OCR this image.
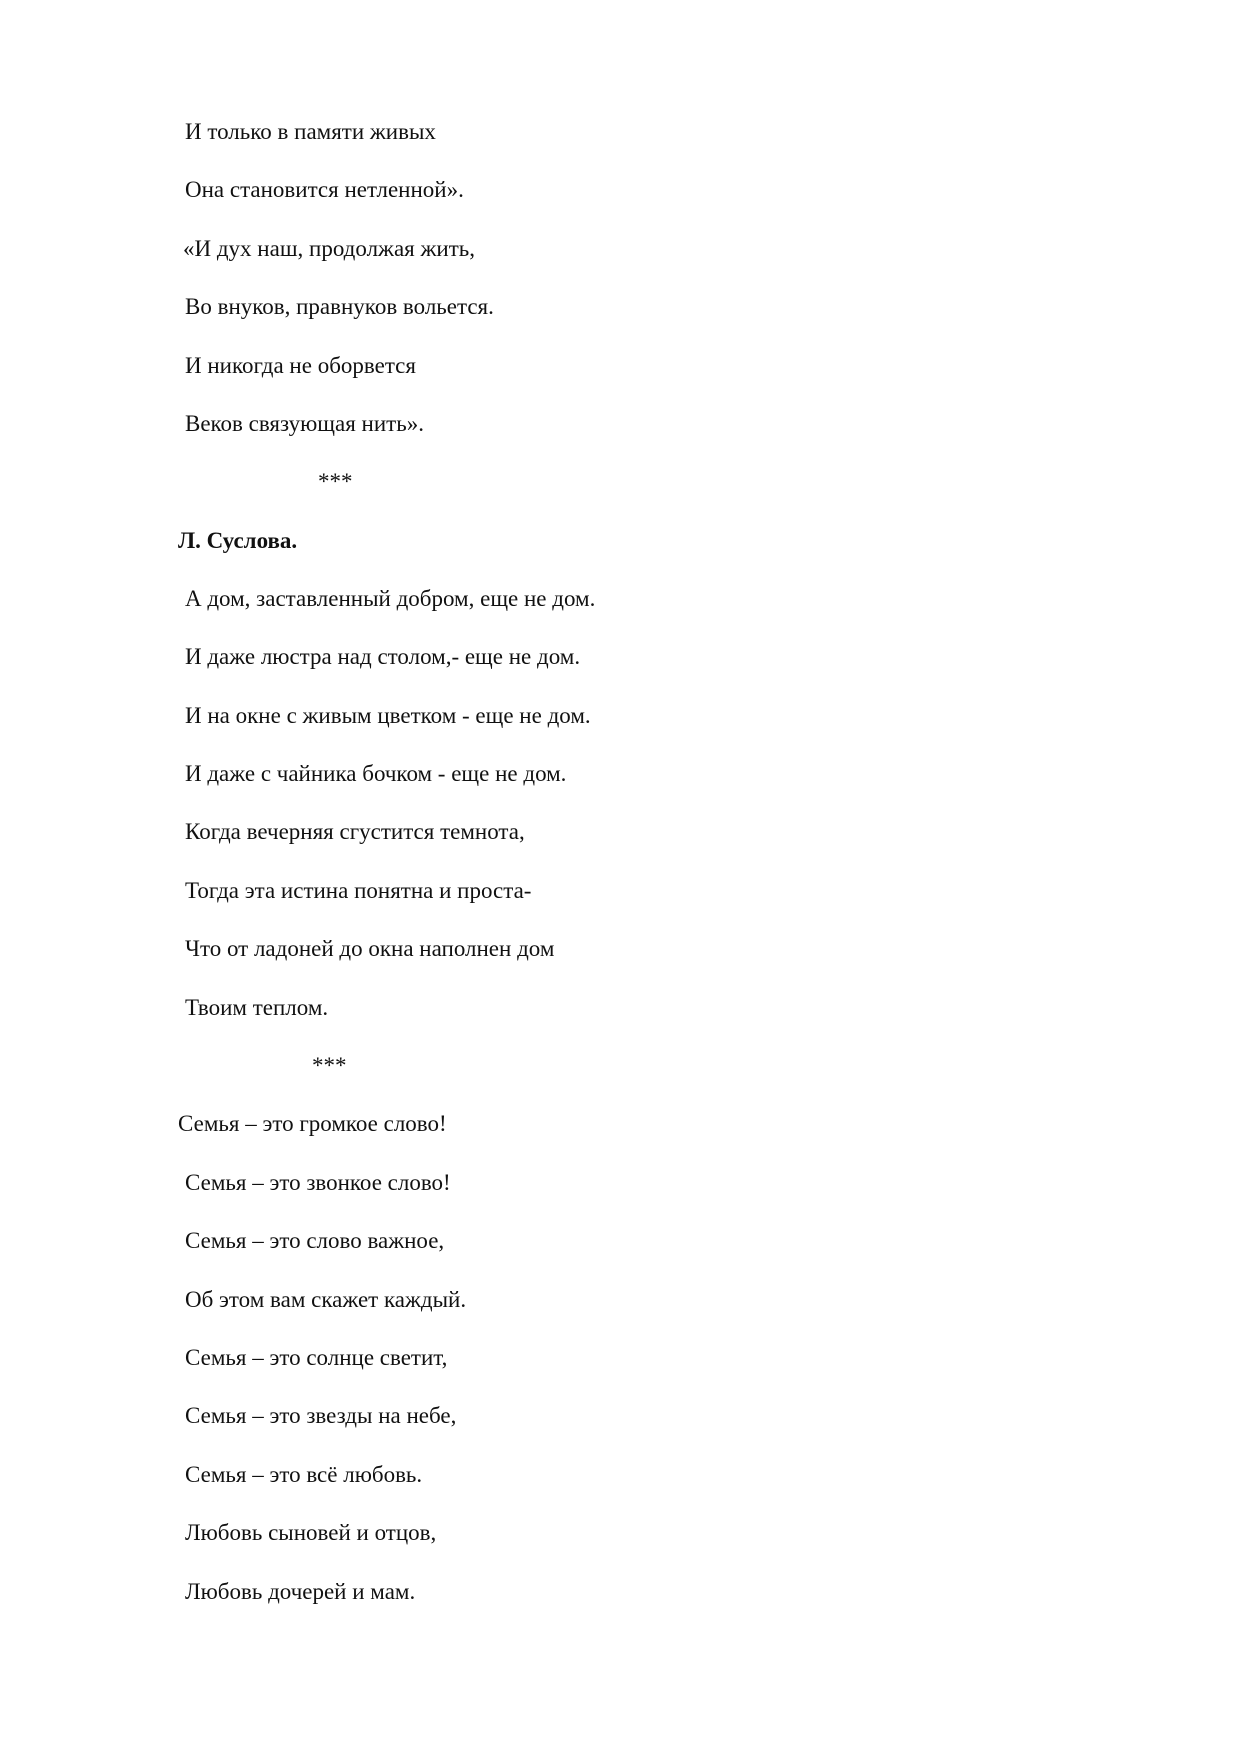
И только в памяти живых
Она становится нетленной».
«И дух наш, продолжая жить,
Во внуков, правнуков вольется.
И никогда не оборвется
Веков связующая нить».
***
Л. Суслова.
А дом, заставленный добром, еще не дом.
И даже люстра над столом,- еще не дом.
И на окне с живым цветком - еще не дом.
И даже с чайника бочком - еще не дом.
Когда вечерняя сгустится темнота,
Тогда эта истина понятна и проста-
Что от ладоней до окна наполнен дом
Твоим теплом.
***
Семья – это громкое слово!
Семья – это звонкое слово!
Семья – это слово важное,
Об этом вам скажет каждый.
Семья – это солнце светит,
Семья – это звезды на небе,
Семья – это всё любовь.
Любовь сыновей и отцов,
Любовь дочерей и мам.
